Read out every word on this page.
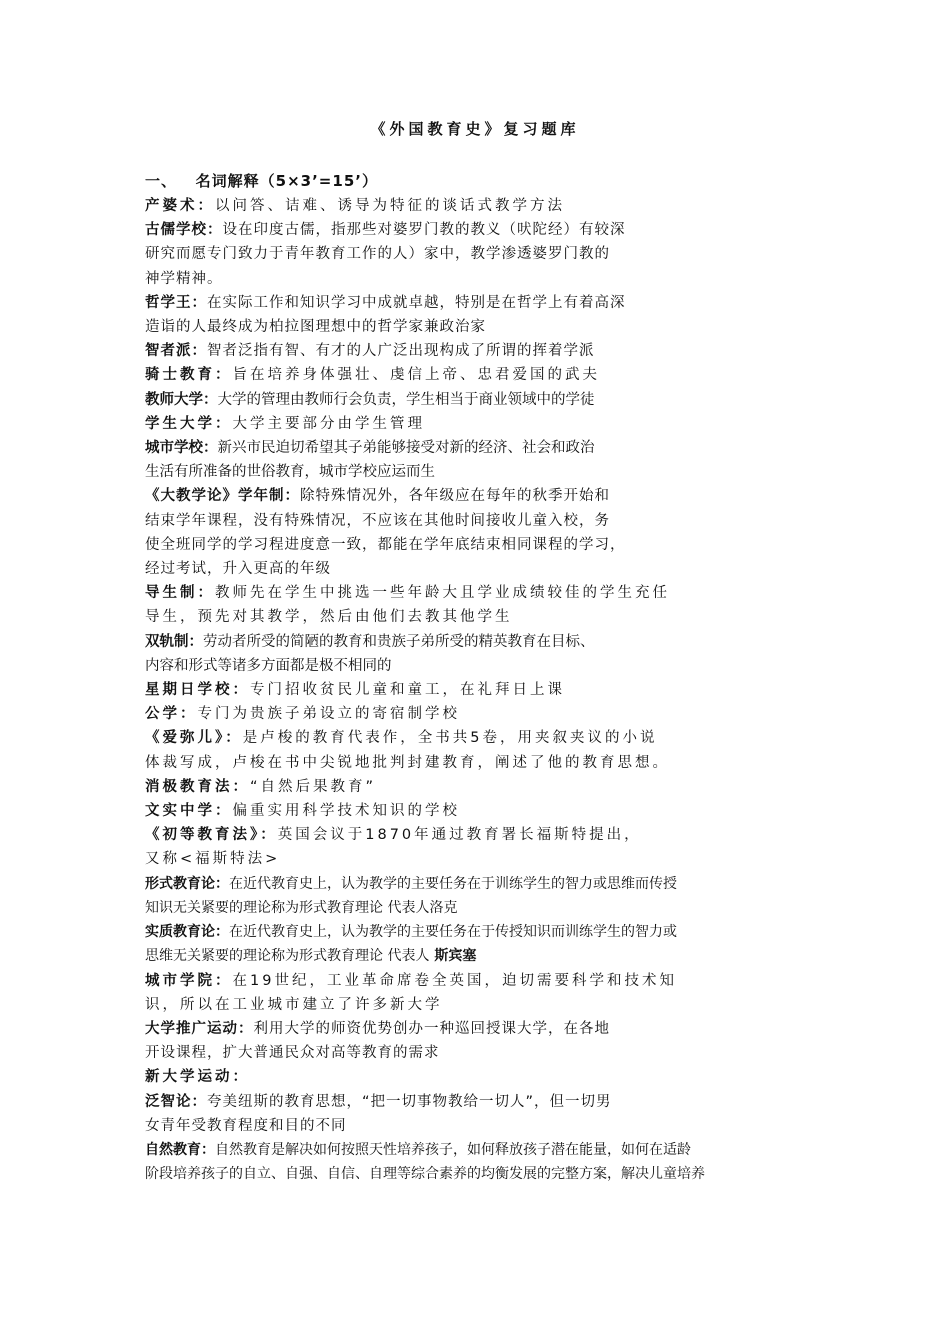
《外国教育史》复习题库
一、   名词解释（5×3’=15’）
产婆术：以问答、诘难、诱导为特征的谈话式教学方法
古儒学校：设在印度古儒，指那些对婆罗门教的教义（吠陀经）有较深
研究而愿专门致力于青年教育工作的人）家中，教学渗透婆罗门教的
神学精神。
哲学王：在实际工作和知识学习中成就卓越，特别是在哲学上有着高深
造诣的人最终成为柏拉图理想中的哲学家兼政治家
智者派：智者泛指有智、有才的人广泛出现构成了所谓的挥着学派
骑士教育：旨在培养身体强壮、虔信上帝、忠君爱国的武夫
教师大学：大学的管理由教师行会负责，学生相当于商业领域中的学徒
学生大学：大学主要部分由学生管理
城市学校：新兴市民迫切希望其子弟能够接受对新的经济、社会和政治
生活有所准备的世俗教育，城市学校应运而生
《大教学论》学年制：除特殊情况外，各年级应在每年的秋季开始和
结束学年课程，没有特殊情况，不应该在其他时间接收儿童入校，务
使全班同学的学习程进度意一致，都能在学年底结束相同课程的学习，
经过考试，升入更高的年级
导生制：教师先在学生中挑选一些年龄大且学业成绩较佳的学生充任
导生，预先对其教学，然后由他们去教其他学生
双轨制：劳动者所受的简陋的教育和贵族子弟所受的精英教育在目标、
内容和形式等诸多方面都是极不相同的
星期日学校：专门招收贫民儿童和童工，在礼拜日上课
公学：专门为贵族子弟设立的寄宿制学校
《爱弥儿》：是卢梭的教育代表作，全书共5卷，用夹叙夹议的小说
体裁写成，卢梭在书中尖锐地批判封建教育，阐述了他的教育思想。
消极教育法：“自然后果教育”
文实中学：偏重实用科学技术知识的学校
《初等教育法》：英国会议于1870年通过教育署长福斯特提出，
又称<福斯特法>
形式教育论：在近代教育史上，认为教学的主要任务在于训练学生的智力或思维而传授
知识无关紧要的理论称为形式教育理论 代表人洛克
实质教育论：在近代教育史上，认为教学的主要任务在于传授知识而训练学生的智力或
思维无关紧要的理论称为形式教育理论 代表人 斯宾塞
城市学院：在19世纪，工业革命席卷全英国，迫切需要科学和技术知
识，所以在工业城市建立了许多新大学
大学推广运动：利用大学的师资优势创办一种巡回授课大学，在各地
开设课程，扩大普通民众对高等教育的需求
新大学运动：
泛智论：夸美纽斯的教育思想，“把一切事物教给一切人”，但一切男
女青年受教育程度和目的不同
自然教育：自然教育是解决如何按照天性培养孩子，如何释放孩子潜在能量，如何在适龄
阶段培养孩子的自立、自强、自信、自理等综合素养的均衡发展的完整方案，解决儿童培养
